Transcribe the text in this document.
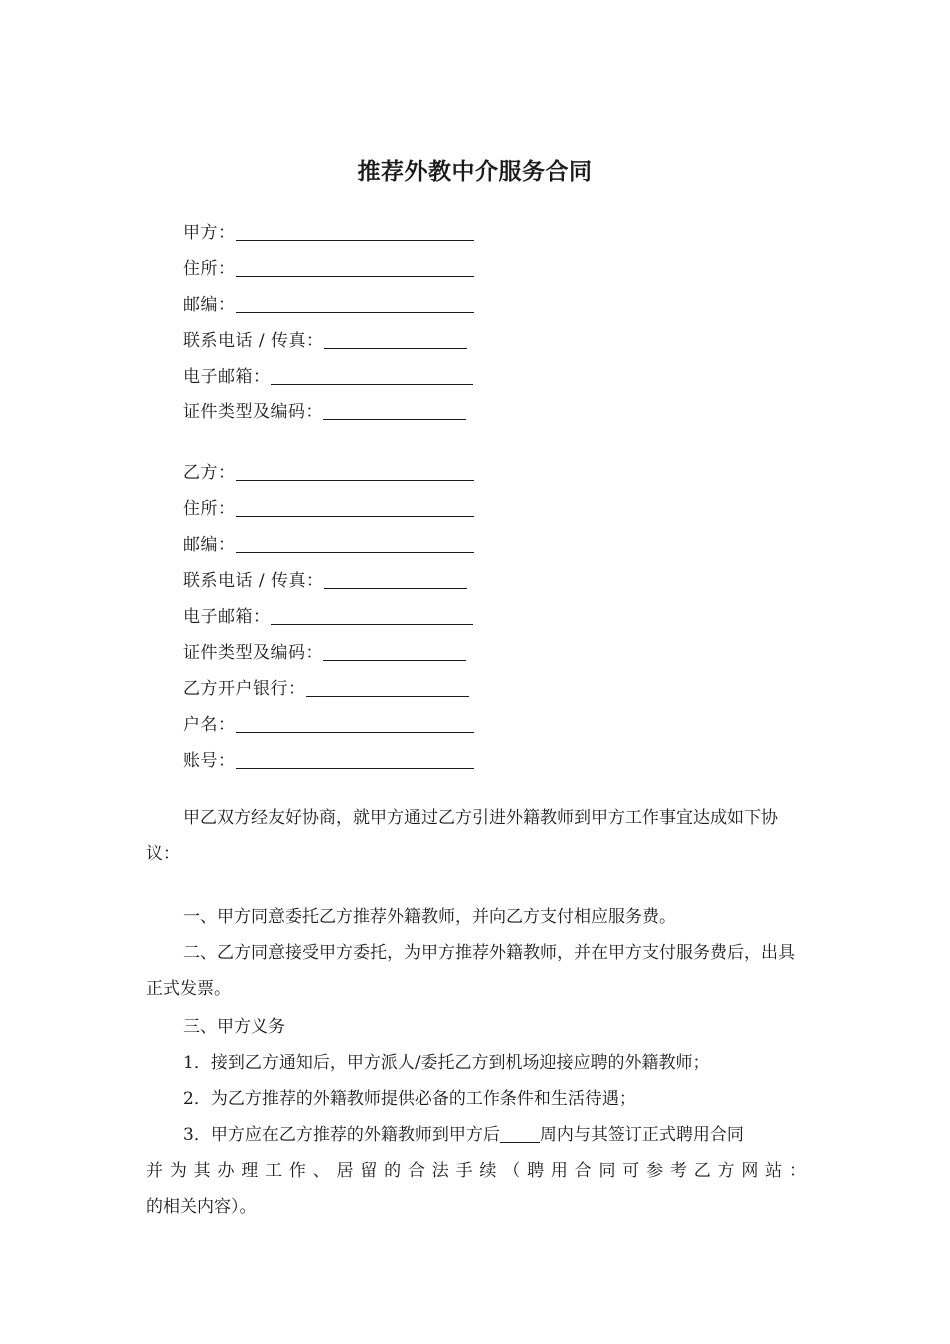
推荐外教中介服务合同
甲方：
住所：
邮编：
联系电话 / 传真：
电子邮箱：
证件类型及编码：
乙方：
住所：
邮编：
联系电话 / 传真：
电子邮箱：
证件类型及编码：
乙方开户银行：
户名：
账号：
甲乙双方经友好协商，就甲方通过乙方引进外籍教师到甲方工作事宜达成如下协议：
一、甲方同意委托乙方推荐外籍教师，并向乙方支付相应服务费。
二、乙方同意接受甲方委托，为甲方推荐外籍教师，并在甲方支付服务费后，出具正式发票。
三、甲方义务
1．接到乙方通知后，甲方派人/委托乙方到机场迎接应聘的外籍教师；
2．为乙方推荐的外籍教师提供必备的工作条件和生活待遇；
3．甲方应在乙方推荐的外籍教师到甲方后 周内与其签订正式聘用合同
并为其办理工作、居留的合法手续（聘用合同可参考乙方网站：
的相关内容）。
